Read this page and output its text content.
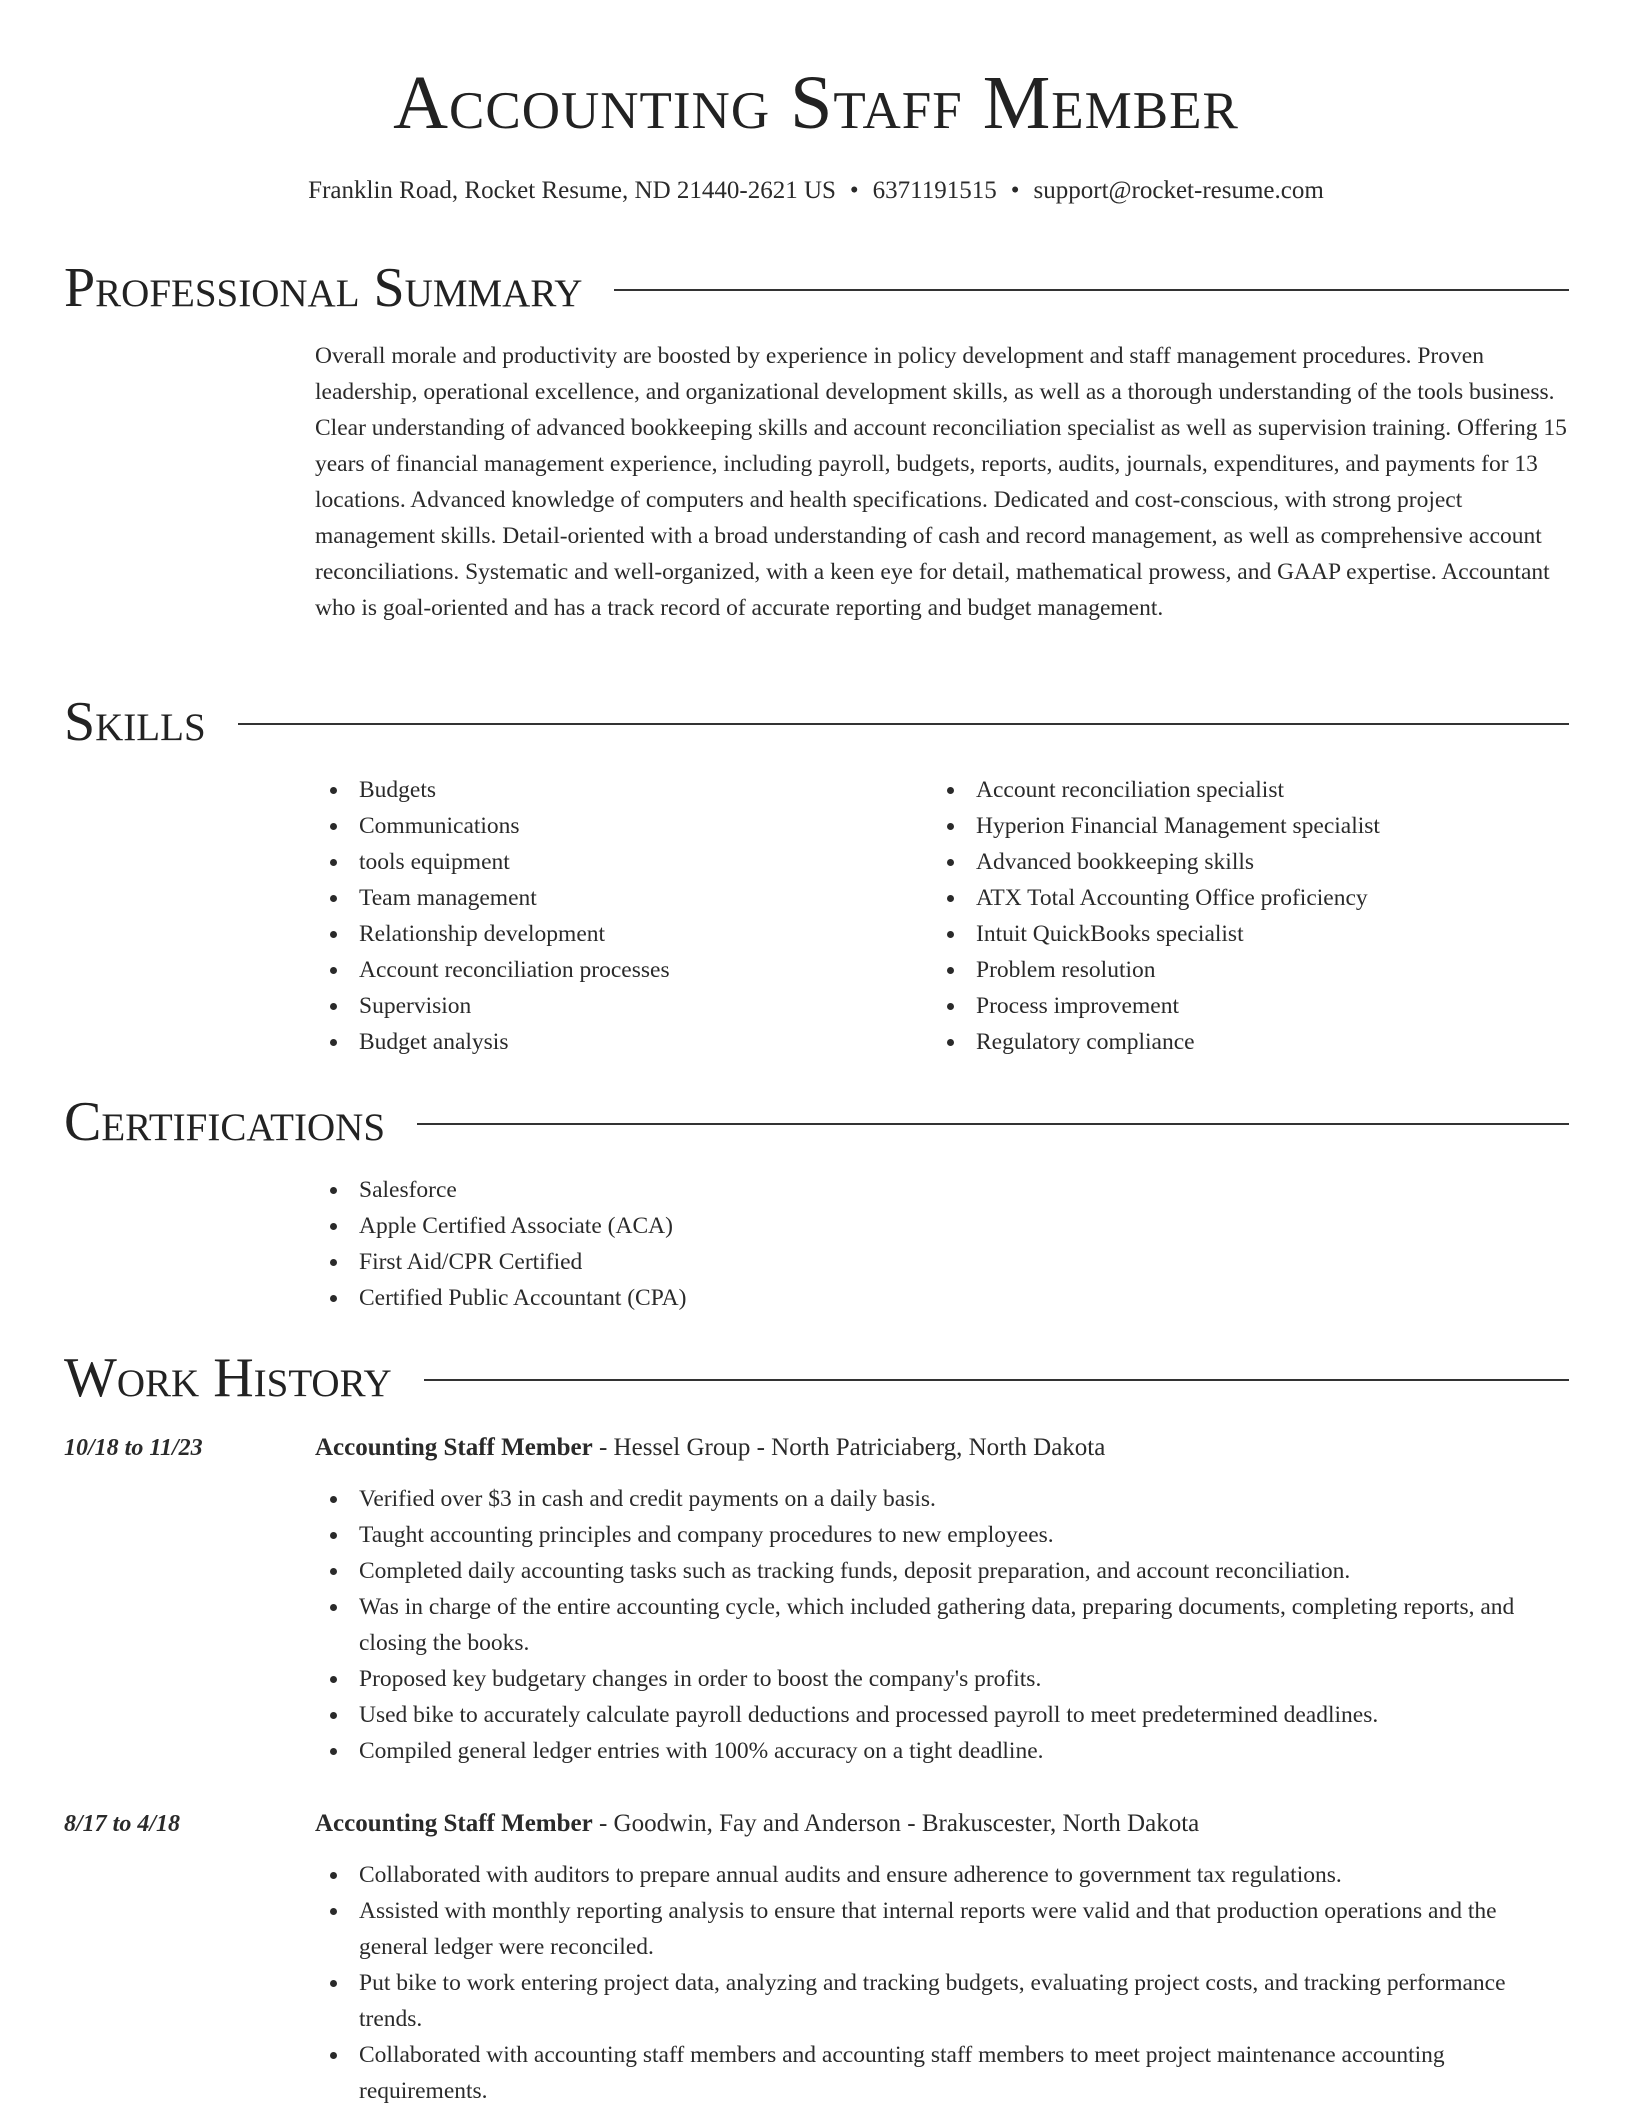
Accounting Staff Member
Franklin Road, Rocket Resume, ND 21440-2621 US • 6371191515 • support@rocket-resume.com
Professional Summary

Overall morale and productivity are boosted by experience in policy development and staff management procedures. Proven leadership, operational excellence, and organizational development skills, as well as a thorough understanding of the tools business. Clear understanding of advanced bookkeeping skills and account reconciliation specialist as well as supervision training. Offering 15 years of financial management experience, including payroll, budgets, reports, audits, journals, expenditures, and payments for 13 locations. Advanced knowledge of computers and health specifications. Dedicated and cost-conscious, with strong project management skills. Detail-oriented with a broad understanding of cash and record management, as well as comprehensive account reconciliations. Systematic and well-organized, with a keen eye for detail, mathematical prowess, and GAAP expertise. Accountant who is goal-oriented and has a track record of accurate reporting and budget management.

Skills
Budgets
Communications
tools equipment
Team management
Relationship development
Account reconciliation processes
Supervision
Budget analysis
Account reconciliation specialist
Hyperion Financial Management specialist
Advanced bookkeeping skills
ATX Total Accounting Office proficiency
Intuit QuickBooks specialist
Problem resolution
Process improvement
Regulatory compliance
Certifications
Salesforce
Apple Certified Associate (ACA)
First Aid/CPR Certified
Certified Public Accountant (CPA)
Work History
10/18 to 11/23	Accounting Staff Member - Hessel Group - North Patriciaberg, North Dakota
Verified over $3 in cash and credit payments on a daily basis.
Taught accounting principles and company procedures to new employees.
Completed daily accounting tasks such as tracking funds, deposit preparation, and account reconciliation.
Was in charge of the entire accounting cycle, which included gathering data, preparing documents, completing reports, and closing the books.
Proposed key budgetary changes in order to boost the company's profits.
Used bike to accurately calculate payroll deductions and processed payroll to meet predetermined deadlines.
Compiled general ledger entries with 100% accuracy on a tight deadline.
8/17 to 4/18	Accounting Staff Member - Goodwin, Fay and Anderson - Brakuscester, North Dakota
Collaborated with auditors to prepare annual audits and ensure adherence to government tax regulations.
Assisted with monthly reporting analysis to ensure that internal reports were valid and that production operations and the general ledger were reconciled.
Put bike to work entering project data, analyzing and tracking budgets, evaluating project costs, and tracking performance trends.
Collaborated with accounting staff members and accounting staff members to meet project maintenance accounting requirements.
